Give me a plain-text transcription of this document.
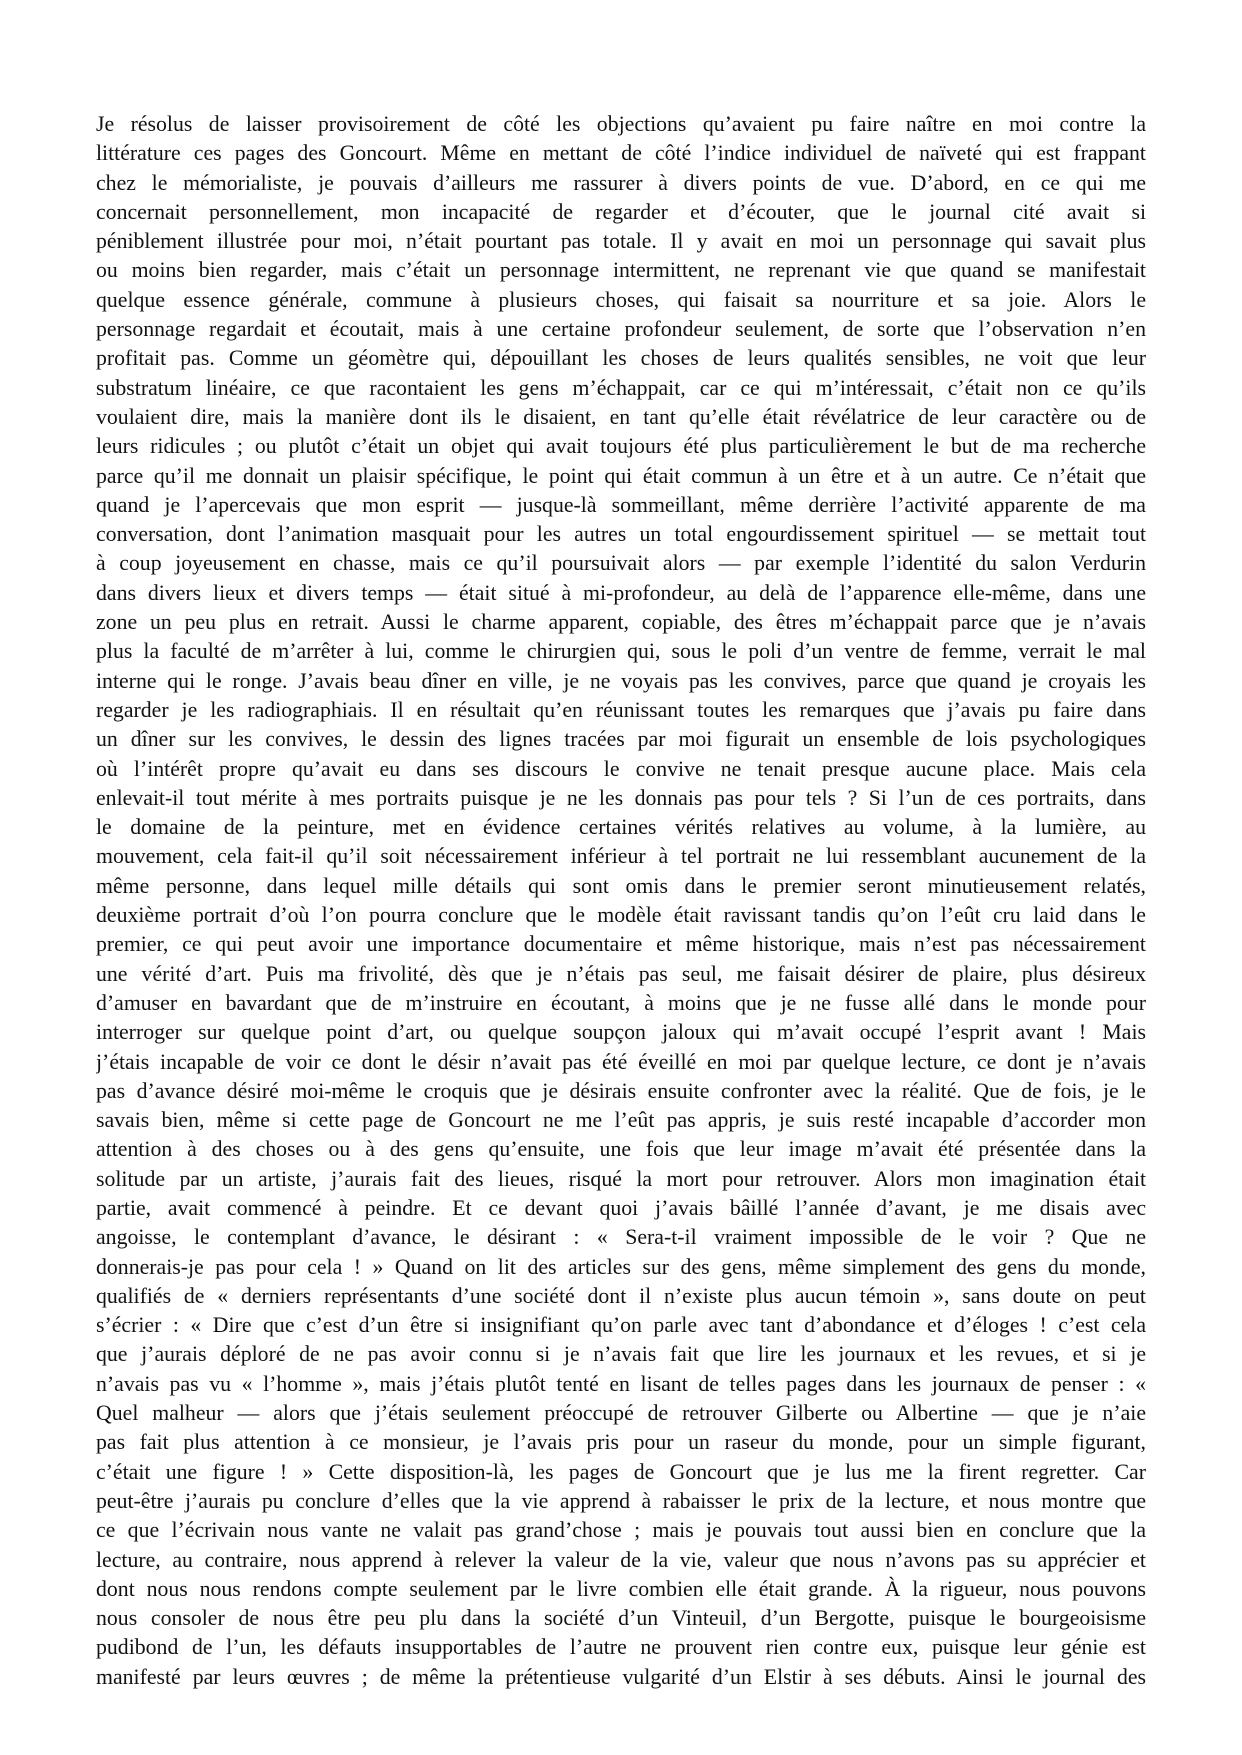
Je résolus de laisser provisoirement de côté les objections qu’avaient pu faire naître en moi contre la
littérature ces pages des Goncourt. Même en mettant de côté l’indice individuel de naïveté qui est frappant
chez le mémorialiste, je pouvais d’ailleurs me rassurer à divers points de vue. D’abord, en ce qui me
concernait personnellement, mon incapacité de regarder et d’écouter, que le journal cité avait si
péniblement illustrée pour moi, n’était pourtant pas totale. Il y avait en moi un personnage qui savait plus
ou moins bien regarder, mais c’était un personnage intermittent, ne reprenant vie que quand se manifestait
quelque essence générale, commune à plusieurs choses, qui faisait sa nourriture et sa joie. Alors le
personnage regardait et écoutait, mais à une certaine profondeur seulement, de sorte que l’observation n’en
profitait pas. Comme un géomètre qui, dépouillant les choses de leurs qualités sensibles, ne voit que leur
substratum linéaire, ce que racontaient les gens m’échappait, car ce qui m’intéressait, c’était non ce qu’ils
voulaient dire, mais la manière dont ils le disaient, en tant qu’elle était révélatrice de leur caractère ou de
leurs ridicules ; ou plutôt c’était un objet qui avait toujours été plus particulièrement le but de ma recherche
parce qu’il me donnait un plaisir spécifique, le point qui était commun à un être et à un autre. Ce n’était que
quand je l’apercevais que mon esprit — jusque-là sommeillant, même derrière l’activité apparente de ma
conversation, dont l’animation masquait pour les autres un total engourdissement spirituel — se mettait tout
à coup joyeusement en chasse, mais ce qu’il poursuivait alors — par exemple l’identité du salon Verdurin
dans divers lieux et divers temps — était situé à mi-profondeur, au delà de l’apparence elle-même, dans une
zone un peu plus en retrait. Aussi le charme apparent, copiable, des êtres m’échappait parce que je n’avais
plus la faculté de m’arrêter à lui, comme le chirurgien qui, sous le poli d’un ventre de femme, verrait le mal
interne qui le ronge. J’avais beau dîner en ville, je ne voyais pas les convives, parce que quand je croyais les
regarder je les radiographiais. Il en résultait qu’en réunissant toutes les remarques que j’avais pu faire dans
un dîner sur les convives, le dessin des lignes tracées par moi figurait un ensemble de lois psychologiques
où l’intérêt propre qu’avait eu dans ses discours le convive ne tenait presque aucune place. Mais cela
enlevait-il tout mérite à mes portraits puisque je ne les donnais pas pour tels ? Si l’un de ces portraits, dans
le domaine de la peinture, met en évidence certaines vérités relatives au volume, à la lumière, au
mouvement, cela fait-il qu’il soit nécessairement inférieur à tel portrait ne lui ressemblant aucunement de la
même personne, dans lequel mille détails qui sont omis dans le premier seront minutieusement relatés,
deuxième portrait d’où l’on pourra conclure que le modèle était ravissant tandis qu’on l’eût cru laid dans le
premier, ce qui peut avoir une importance documentaire et même historique, mais n’est pas nécessairement
une vérité d’art. Puis ma frivolité, dès que je n’étais pas seul, me faisait désirer de plaire, plus désireux
d’amuser en bavardant que de m’instruire en écoutant, à moins que je ne fusse allé dans le monde pour
interroger sur quelque point d’art, ou quelque soupçon jaloux qui m’avait occupé l’esprit avant ! Mais
j’étais incapable de voir ce dont le désir n’avait pas été éveillé en moi par quelque lecture, ce dont je n’avais
pas d’avance désiré moi-même le croquis que je désirais ensuite confronter avec la réalité. Que de fois, je le
savais bien, même si cette page de Goncourt ne me l’eût pas appris, je suis resté incapable d’accorder mon
attention à des choses ou à des gens qu’ensuite, une fois que leur image m’avait été présentée dans la
solitude par un artiste, j’aurais fait des lieues, risqué la mort pour retrouver. Alors mon imagination était
partie, avait commencé à peindre. Et ce devant quoi j’avais bâillé l’année d’avant, je me disais avec
angoisse, le contemplant d’avance, le désirant : « Sera-t-il vraiment impossible de le voir ? Que ne
donnerais-je pas pour cela ! » Quand on lit des articles sur des gens, même simplement des gens du monde,
qualifiés de « derniers représentants d’une société dont il n’existe plus aucun témoin », sans doute on peut
s’écrier : « Dire que c’est d’un être si insignifiant qu’on parle avec tant d’abondance et d’éloges ! c’est cela
que j’aurais déploré de ne pas avoir connu si je n’avais fait que lire les journaux et les revues, et si je
n’avais pas vu « l’homme », mais j’étais plutôt tenté en lisant de telles pages dans les journaux de penser : «
Quel malheur — alors que j’étais seulement préoccupé de retrouver Gilberte ou Albertine — que je n’aie
pas fait plus attention à ce monsieur, je l’avais pris pour un raseur du monde, pour un simple figurant,
c’était une figure ! » Cette disposition-là, les pages de Goncourt que je lus me la firent regretter. Car
peut-être j’aurais pu conclure d’elles que la vie apprend à rabaisser le prix de la lecture, et nous montre que
ce que l’écrivain nous vante ne valait pas grand’chose ; mais je pouvais tout aussi bien en conclure que la
lecture, au contraire, nous apprend à relever la valeur de la vie, valeur que nous n’avons pas su apprécier et
dont nous nous rendons compte seulement par le livre combien elle était grande. À la rigueur, nous pouvons
nous consoler de nous être peu plu dans la société d’un Vinteuil, d’un Bergotte, puisque le bourgeoisisme
pudibond de l’un, les défauts insupportables de l’autre ne prouvent rien contre eux, puisque leur génie est
manifesté par leurs œuvres ; de même la prétentieuse vulgarité d’un Elstir à ses débuts. Ainsi le journal des
